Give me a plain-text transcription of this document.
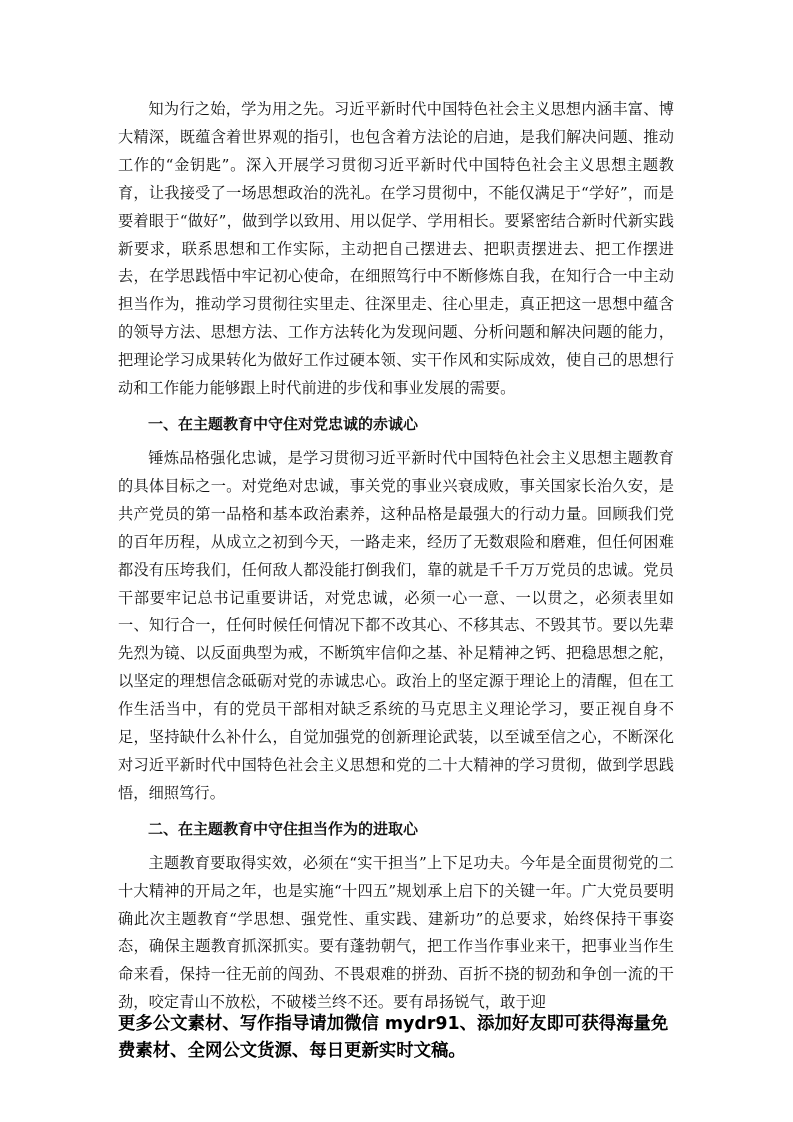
知为行之始，学为用之先。习近平新时代中国特色社会主义思想内涵丰富、博大精深，既蕴含着世界观的指引，也包含着方法论的启迪，是我们解决问题、推动工作的“金钥匙”。深入开展学习贯彻习近平新时代中国特色社会主义思想主题教育，让我接受了一场思想政治的洗礼。在学习贯彻中，不能仅满足于“学好”，而是要着眼于“做好”，做到学以致用、用以促学、学用相长。要紧密结合新时代新实践新要求，联系思想和工作实际，主动把自己摆进去、把职责摆进去、把工作摆进去，在学思践悟中牢记初心使命，在细照笃行中不断修炼自我，在知行合一中主动担当作为，推动学习贯彻往实里走、往深里走、往心里走，真正把这一思想中蕴含的领导方法、思想方法、工作方法转化为发现问题、分析问题和解决问题的能力，把理论学习成果转化为做好工作过硬本领、实干作风和实际成效，使自己的思想行动和工作能力能够跟上时代前进的步伐和事业发展的需要。

一、在主题教育中守住对党忠诚的赤诚心

锤炼品格强化忠诚，是学习贯彻习近平新时代中国特色社会主义思想主题教育的具体目标之一。对党绝对忠诚，事关党的事业兴衰成败，事关国家长治久安，是共产党员的第一品格和基本政治素养，这种品格是最强大的行动力量。回顾我们党的百年历程，从成立之初到今天，一路走来，经历了无数艰险和磨难，但任何困难都没有压垮我们，任何敌人都没能打倒我们，靠的就是千千万万党员的忠诚。党员干部要牢记总书记重要讲话，对党忠诚，必须一心一意、一以贯之，必须表里如一、知行合一，任何时候任何情况下都不改其心、不移其志、不毁其节。要以先辈先烈为镜、以反面典型为戒，不断筑牢信仰之基、补足精神之钙、把稳思想之舵，以坚定的理想信念砥砺对党的赤诚忠心。政治上的坚定源于理论上的清醒，但在工作生活当中，有的党员干部相对缺乏系统的马克思主义理论学习，要正视自身不足，坚持缺什么补什么，自觉加强党的创新理论武装，以至诚至信之心，不断深化对习近平新时代中国特色社会主义思想和党的二十大精神的学习贯彻，做到学思践悟，细照笃行。

二、在主题教育中守住担当作为的进取心

主题教育要取得实效，必须在“实干担当”上下足功夫。今年是全面贯彻党的二十大精神的开局之年，也是实施“十四五”规划承上启下的关键一年。广大党员要明确此次主题教育“学思想、强党性、重实践、建新功”的总要求，始终保持干事姿态，确保主题教育抓深抓实。要有蓬勃朝气，把工作当作事业来干，把事业当作生命来看，保持一往无前的闯劲、不畏艰难的拼劲、百折不挠的韧劲和争创一流的干劲，咬定青山不放松，不破楼兰终不还。要有昂扬锐气，敢于迎

更多公文素材、写作指导请加微信 mydr91、添加好友即可获得海量免费素材、全网公文货源、每日更新实时文稿。
